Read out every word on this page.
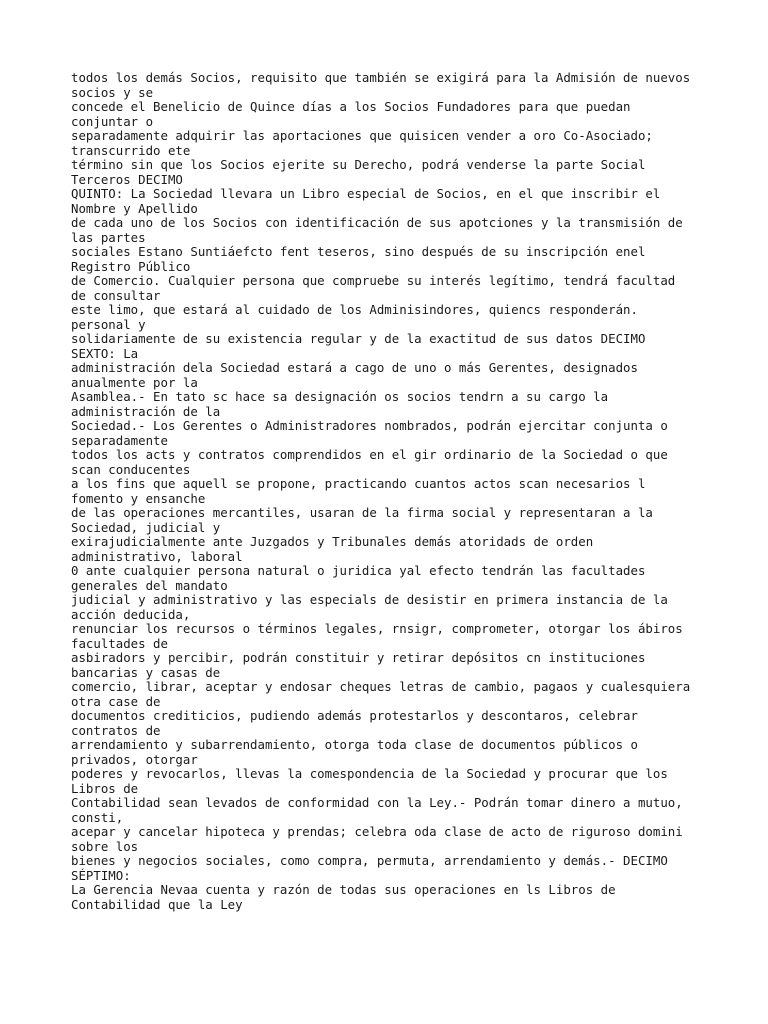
todos los demás Socios, requisito que también se exigirá para la Admisión de nuevos
socios y se
concede el Benelicio de Quince días a los Socios Fundadores para que puedan
conjuntar o
separadamente adquirir las aportaciones que quisicen vender a oro Co-Asociado;
transcurrido ete
término sin que los Socios ejerite su Derecho, podrá venderse la parte Social
Terceros DECIMO
QUINTO: La Sociedad llevara un Libro especial de Socios, en el que inscribir el
Nombre y Apellido
de cada uno de los Socios con identificación de sus apotciones y la transmisión de
las partes
sociales Estano Suntiáefcto fent teseros, sino después de su inscripción enel
Registro Público
de Comercio. Cualquier persona que compruebe su interés legítimo, tendrá facultad
de consultar
este limo, que estará al cuidado de los Adminisindores, quiencs responderán.
personal y
solidariamente de su existencia regular y de la exactitud de sus datos DECIMO
SEXTO: La
administración dela Sociedad estará a cago de uno o más Gerentes, designados
anualmente por la
Asamblea.- En tato sc hace sa designación os socios tendrn a su cargo la
administración de la
Sociedad.- Los Gerentes o Administradores nombrados, podrán ejercitar conjunta o
separadamente
todos los acts y contratos comprendidos en el gir ordinario de la Sociedad o que
scan conducentes
a los fins que aquell se propone, practicando cuantos actos scan necesarios l
fomento y ensanche
de las operaciones mercantiles, usaran de la firma social y representaran a la
Sociedad, judicial y
exirajudicialmente ante Juzgados y Tribunales demás atoridads de orden
administrativo, laboral
0 ante cualquier persona natural o juridica yal efecto tendrán las facultades
generales del mandato
judicial y administrativo y las especials de desistir en primera instancia de la
acción deducida,
renunciar los recursos o términos legales, rnsigr, comprometer, otorgar los ábiros
facultades de
asbiradors y percibir, podrán constituir y retirar depósitos cn instituciones
bancarias y casas de
comercio, librar, aceptar y endosar cheques letras de cambio, pagaos y cualesquiera
otra case de
documentos crediticios, pudiendo además protestarlos y descontaros, celebrar
contratos de
arrendamiento y subarrendamiento, otorga toda clase de documentos públicos o
privados, otorgar
poderes y revocarlos, llevas la comespondencia de la Sociedad y procurar que los
Libros de
Contabilidad sean levados de conformidad con la Ley.- Podrán tomar dinero a mutuo,
consti,
acepar y cancelar hipoteca y prendas; celebra oda clase de acto de riguroso domini
sobre los
bienes y negocios sociales, como compra, permuta, arrendamiento y demás.- DECIMO
SÉPTIMO:
La Gerencia Nevaa cuenta y razón de todas sus operaciones en ls Libros de
Contabilidad que la Ley
